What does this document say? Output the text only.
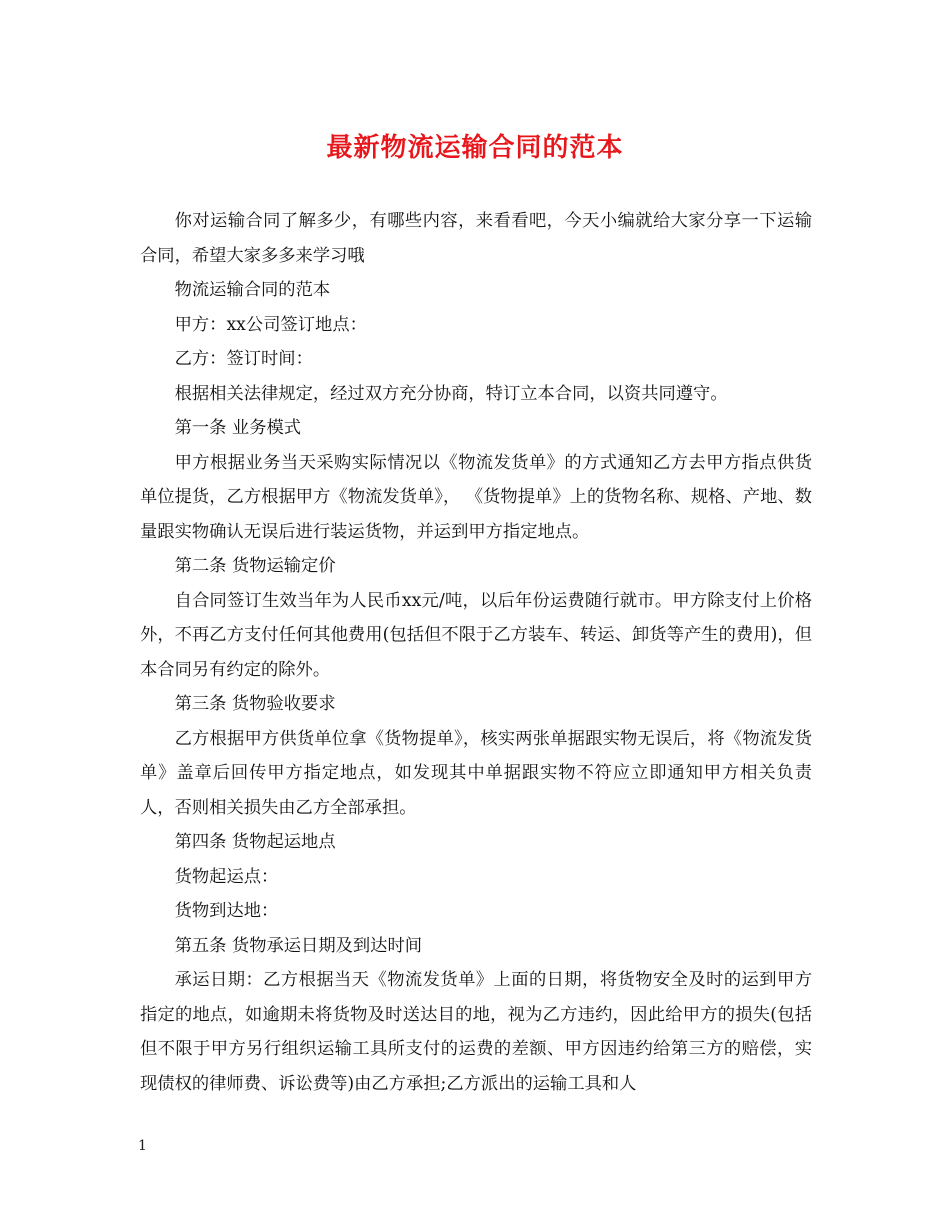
最新物流运输合同的范本

你对运输合同了解多少，有哪些内容，来看看吧，今天小编就给大家分享一下运输合同，希望大家多多来学习哦

物流运输合同的范本

甲方：xx公司签订地点：

乙方：签订时间：

根据相关法律规定，经过双方充分协商，特订立本合同，以资共同遵守。

第一条 业务模式

甲方根据业务当天采购实际情况以《物流发货单》的方式通知乙方去甲方指点供货单位提货，乙方根据甲方《物流发货单》， 《货物提单》上的货物名称、规格、产地、数量跟实物确认无误后进行装运货物，并运到甲方指定地点。

第二条 货物运输定价

自合同签订生效当年为人民币xx元/吨，以后年份运费随行就市。甲方除支付上价格外，不再乙方支付任何其他费用(包括但不限于乙方装车、转运、卸货等产生的费用)，但本合同另有约定的除外。

第三条 货物验收要求

乙方根据甲方供货单位拿《货物提单》，核实两张单据跟实物无误后，将《物流发货单》盖章后回传甲方指定地点，如发现其中单据跟实物不符应立即通知甲方相关负责人，否则相关损失由乙方全部承担。

第四条 货物起运地点

货物起运点：

货物到达地：

第五条 货物承运日期及到达时间

承运日期：乙方根据当天《物流发货单》上面的日期，将货物安全及时的运到甲方指定的地点，如逾期未将货物及时送达目的地，视为乙方违约，因此给甲方的损失(包括但不限于甲方另行组织运输工具所支付的运费的差额、甲方因违约给第三方的赔偿，实现债权的律师费、诉讼费等)由乙方承担;乙方派出的运输工具和人

1
